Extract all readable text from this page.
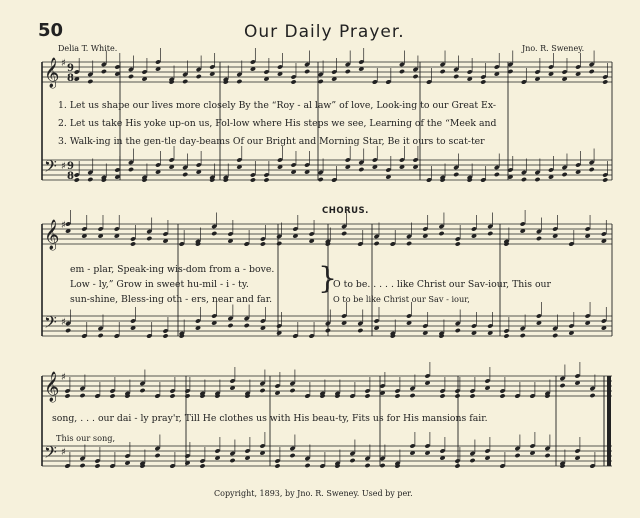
50	Our Daily Prayer.
Delia T. White.	Jno. R. Sweney.
𝄞 ♯ 9
8
𝄢 ♯ 9
8
𝄞 ♯
𝄢 ♯
𝄞 ♯
𝄢 ♯
1. Let us shape our lives more closely By the “Roy - al law” of love, Look-ing to our Great Ex-
2. Let us take His yoke up-on us, Fol-low where His steps we see, Learning of the “Meek and
3. Walk-ing in the gen-tle day-beams Of our Bright and Morning Star, Be it ours to scat-ter
CHORUS.
em - plar, Speak-ing wis-dom from a - bove.
Low - ly,” Grow in sweet hu-mil - i - ty.
sun-shine, Bless-ing oth - ers, near and far.
}
O to be. . . . . like Christ our Sav-iour, This our
O to be like Christ our Sav - iour,
song, . . . our dai - ly pray'r, Till He clothes us with His beau-ty, Fits us for His mansions fair.
This our song,
Copyright, 1893, by Jno. R. Sweney. Used by per.
